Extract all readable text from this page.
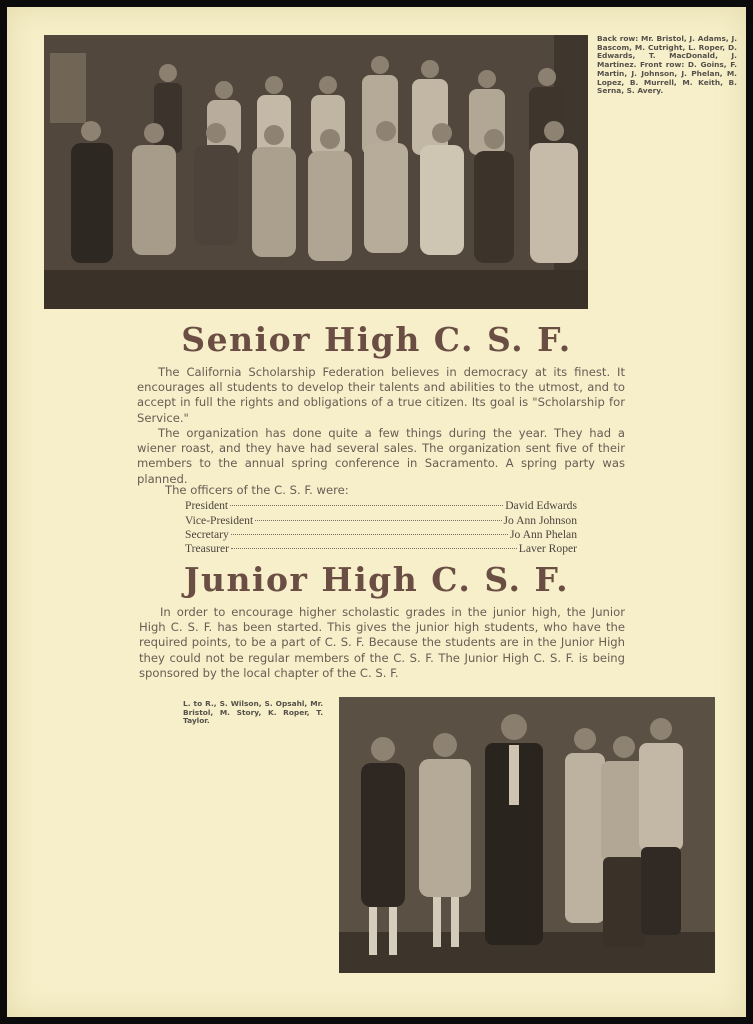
Back row: Mr. Bristol, J. Adams, J. Bascom, M. Cutright, L. Roper, D. Edwards, T. MacDonald, J. Martinez. Front row: D. Goins, F. Martin, J. Johnson, J. Phelan, M. Lopez, B. Murrell, M. Keith, B. Serna, S. Avery.
Senior High C. S. F.

The California Scholarship Federation believes in democracy at its finest. It encourages all students to develop their talents and abilities to the utmost, and to accept in full the rights and obligations of a true citizen. Its goal is "Scholarship for Service."

The organization has done quite a few things during the year. They had a wiener roast, and they have had several sales. The organization sent five of their members to the annual spring conference in Sacramento. A spring party was planned.

The officers of the C. S. F. were:
President	David Edwards
Vice-President	Jo Ann Johnson
Secretary	Jo Ann Phelan
Treasurer	Laver Roper
Junior High C. S. F.

In order to encourage higher scholastic grades in the junior high, the Junior High C. S. F. has been started. This gives the junior high students, who have the required points, to be a part of C. S. F. Because the students are in the Junior High they could not be regular members of the C. S. F. The Junior High C. S. F. is being sponsored by the local chapter of the C. S. F.

L. to R., S. Wilson, S. Opsahl, Mr. Bristol, M. Story, K. Roper, T. Taylor.
